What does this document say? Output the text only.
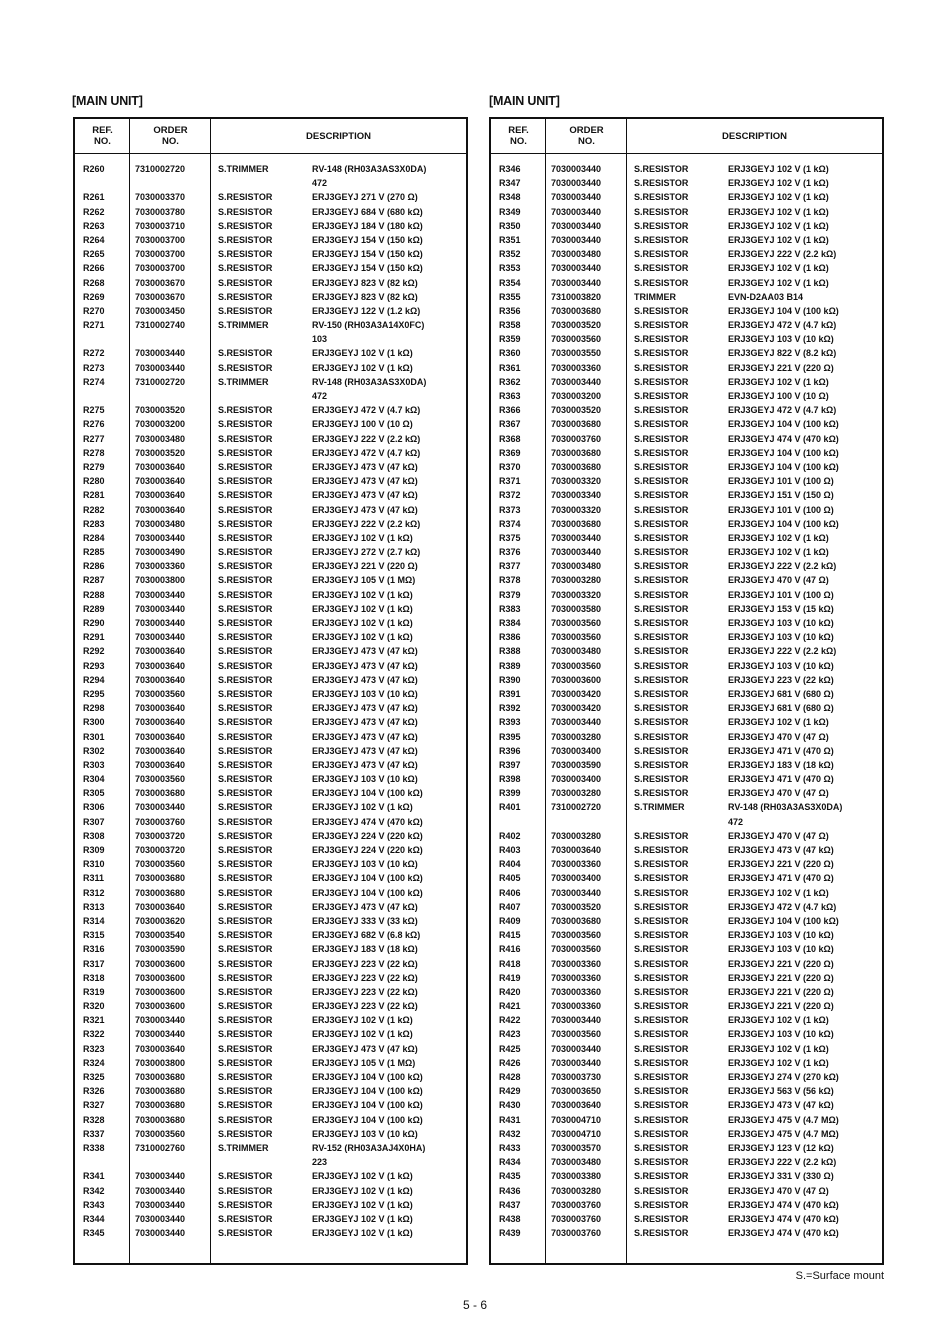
[MAIN UNIT]
REF.
NO.
ORDER
NO.	DESCRIPTION
R260	7310002720	S.TRIMMER	RV-148 (RH03A3AS3X0DA)
472
R261	7030003370	S.RESISTOR	ERJ3GEYJ 271 V (270 Ω)
R262	7030003780	S.RESISTOR	ERJ3GEYJ 684 V (680 kΩ)
R263	7030003710	S.RESISTOR	ERJ3GEYJ 184 V (180 kΩ)
R264	7030003700	S.RESISTOR	ERJ3GEYJ 154 V (150 kΩ)
R265	7030003700	S.RESISTOR	ERJ3GEYJ 154 V (150 kΩ)
R266	7030003700	S.RESISTOR	ERJ3GEYJ 154 V (150 kΩ)
R268	7030003670	S.RESISTOR	ERJ3GEYJ 823 V (82 kΩ)
R269	7030003670	S.RESISTOR	ERJ3GEYJ 823 V (82 kΩ)
R270	7030003450	S.RESISTOR	ERJ3GEYJ 122 V (1.2 kΩ)
R271	7310002740	S.TRIMMER	RV-150 (RH03A3A14X0FC)
103
R272	7030003440	S.RESISTOR	ERJ3GEYJ 102 V (1 kΩ)
R273	7030003440	S.RESISTOR	ERJ3GEYJ 102 V (1 kΩ)
R274	7310002720	S.TRIMMER	RV-148 (RH03A3AS3X0DA)
472
R275	7030003520	S.RESISTOR	ERJ3GEYJ 472 V (4.7 kΩ)
R276	7030003200	S.RESISTOR	ERJ3GEYJ 100 V (10 Ω)
R277	7030003480	S.RESISTOR	ERJ3GEYJ 222 V (2.2 kΩ)
R278	7030003520	S.RESISTOR	ERJ3GEYJ 472 V (4.7 kΩ)
R279	7030003640	S.RESISTOR	ERJ3GEYJ 473 V (47 kΩ)
R280	7030003640	S.RESISTOR	ERJ3GEYJ 473 V (47 kΩ)
R281	7030003640	S.RESISTOR	ERJ3GEYJ 473 V (47 kΩ)
R282	7030003640	S.RESISTOR	ERJ3GEYJ 473 V (47 kΩ)
R283	7030003480	S.RESISTOR	ERJ3GEYJ 222 V (2.2 kΩ)
R284	7030003440	S.RESISTOR	ERJ3GEYJ 102 V (1 kΩ)
R285	7030003490	S.RESISTOR	ERJ3GEYJ 272 V (2.7 kΩ)
R286	7030003360	S.RESISTOR	ERJ3GEYJ 221 V (220 Ω)
R287	7030003800	S.RESISTOR	ERJ3GEYJ 105 V (1 MΩ)
R288	7030003440	S.RESISTOR	ERJ3GEYJ 102 V (1 kΩ)
R289	7030003440	S.RESISTOR	ERJ3GEYJ 102 V (1 kΩ)
R290	7030003440	S.RESISTOR	ERJ3GEYJ 102 V (1 kΩ)
R291	7030003440	S.RESISTOR	ERJ3GEYJ 102 V (1 kΩ)
R292	7030003640	S.RESISTOR	ERJ3GEYJ 473 V (47 kΩ)
R293	7030003640	S.RESISTOR	ERJ3GEYJ 473 V (47 kΩ)
R294	7030003640	S.RESISTOR	ERJ3GEYJ 473 V (47 kΩ)
R295	7030003560	S.RESISTOR	ERJ3GEYJ 103 V (10 kΩ)
R298	7030003640	S.RESISTOR	ERJ3GEYJ 473 V (47 kΩ)
R300	7030003640	S.RESISTOR	ERJ3GEYJ 473 V (47 kΩ)
R301	7030003640	S.RESISTOR	ERJ3GEYJ 473 V (47 kΩ)
R302	7030003640	S.RESISTOR	ERJ3GEYJ 473 V (47 kΩ)
R303	7030003640	S.RESISTOR	ERJ3GEYJ 473 V (47 kΩ)
R304	7030003560	S.RESISTOR	ERJ3GEYJ 103 V (10 kΩ)
R305	7030003680	S.RESISTOR	ERJ3GEYJ 104 V (100 kΩ)
R306	7030003440	S.RESISTOR	ERJ3GEYJ 102 V (1 kΩ)
R307	7030003760	S.RESISTOR	ERJ3GEYJ 474 V (470 kΩ)
R308	7030003720	S.RESISTOR	ERJ3GEYJ 224 V (220 kΩ)
R309	7030003720	S.RESISTOR	ERJ3GEYJ 224 V (220 kΩ)
R310	7030003560	S.RESISTOR	ERJ3GEYJ 103 V (10 kΩ)
R311	7030003680	S.RESISTOR	ERJ3GEYJ 104 V (100 kΩ)
R312	7030003680	S.RESISTOR	ERJ3GEYJ 104 V (100 kΩ)
R313	7030003640	S.RESISTOR	ERJ3GEYJ 473 V (47 kΩ)
R314	7030003620	S.RESISTOR	ERJ3GEYJ 333 V (33 kΩ)
R315	7030003540	S.RESISTOR	ERJ3GEYJ 682 V (6.8 kΩ)
R316	7030003590	S.RESISTOR	ERJ3GEYJ 183 V (18 kΩ)
R317	7030003600	S.RESISTOR	ERJ3GEYJ 223 V (22 kΩ)
R318	7030003600	S.RESISTOR	ERJ3GEYJ 223 V (22 kΩ)
R319	7030003600	S.RESISTOR	ERJ3GEYJ 223 V (22 kΩ)
R320	7030003600	S.RESISTOR	ERJ3GEYJ 223 V (22 kΩ)
R321	7030003440	S.RESISTOR	ERJ3GEYJ 102 V (1 kΩ)
R322	7030003440	S.RESISTOR	ERJ3GEYJ 102 V (1 kΩ)
R323	7030003640	S.RESISTOR	ERJ3GEYJ 473 V (47 kΩ)
R324	7030003800	S.RESISTOR	ERJ3GEYJ 105 V (1 MΩ)
R325	7030003680	S.RESISTOR	ERJ3GEYJ 104 V (100 kΩ)
R326	7030003680	S.RESISTOR	ERJ3GEYJ 104 V (100 kΩ)
R327	7030003680	S.RESISTOR	ERJ3GEYJ 104 V (100 kΩ)
R328	7030003680	S.RESISTOR	ERJ3GEYJ 104 V (100 kΩ)
R337	7030003560	S.RESISTOR	ERJ3GEYJ 103 V (10 kΩ)
R338	7310002760	S.TRIMMER	RV-152 (RH03A3AJ4X0HA)
223
R341	7030003440	S.RESISTOR	ERJ3GEYJ 102 V (1 kΩ)
R342	7030003440	S.RESISTOR	ERJ3GEYJ 102 V (1 kΩ)
R343	7030003440	S.RESISTOR	ERJ3GEYJ 102 V (1 kΩ)
R344	7030003440	S.RESISTOR	ERJ3GEYJ 102 V (1 kΩ)
R345	7030003440	S.RESISTOR	ERJ3GEYJ 102 V (1 kΩ)
[MAIN UNIT]
REF.
NO.
ORDER
NO.	DESCRIPTION
R346	7030003440	S.RESISTOR	ERJ3GEYJ 102 V (1 kΩ)
R347	7030003440	S.RESISTOR	ERJ3GEYJ 102 V (1 kΩ)
R348	7030003440	S.RESISTOR	ERJ3GEYJ 102 V (1 kΩ)
R349	7030003440	S.RESISTOR	ERJ3GEYJ 102 V (1 kΩ)
R350	7030003440	S.RESISTOR	ERJ3GEYJ 102 V (1 kΩ)
R351	7030003440	S.RESISTOR	ERJ3GEYJ 102 V (1 kΩ)
R352	7030003480	S.RESISTOR	ERJ3GEYJ 222 V (2.2 kΩ)
R353	7030003440	S.RESISTOR	ERJ3GEYJ 102 V (1 kΩ)
R354	7030003440	S.RESISTOR	ERJ3GEYJ 102 V (1 kΩ)
R355	7310003820	TRIMMER	EVN-D2AA03 B14
R356	7030003680	S.RESISTOR	ERJ3GEYJ 104 V (100 kΩ)
R358	7030003520	S.RESISTOR	ERJ3GEYJ 472 V (4.7 kΩ)
R359	7030003560	S.RESISTOR	ERJ3GEYJ 103 V (10 kΩ)
R360	7030003550	S.RESISTOR	ERJ3GEYJ 822 V (8.2 kΩ)
R361	7030003360	S.RESISTOR	ERJ3GEYJ 221 V (220 Ω)
R362	7030003440	S.RESISTOR	ERJ3GEYJ 102 V (1 kΩ)
R363	7030003200	S.RESISTOR	ERJ3GEYJ 100 V (10 Ω)
R366	7030003520	S.RESISTOR	ERJ3GEYJ 472 V (4.7 kΩ)
R367	7030003680	S.RESISTOR	ERJ3GEYJ 104 V (100 kΩ)
R368	7030003760	S.RESISTOR	ERJ3GEYJ 474 V (470 kΩ)
R369	7030003680	S.RESISTOR	ERJ3GEYJ 104 V (100 kΩ)
R370	7030003680	S.RESISTOR	ERJ3GEYJ 104 V (100 kΩ)
R371	7030003320	S.RESISTOR	ERJ3GEYJ 101 V (100 Ω)
R372	7030003340	S.RESISTOR	ERJ3GEYJ 151 V (150 Ω)
R373	7030003320	S.RESISTOR	ERJ3GEYJ 101 V (100 Ω)
R374	7030003680	S.RESISTOR	ERJ3GEYJ 104 V (100 kΩ)
R375	7030003440	S.RESISTOR	ERJ3GEYJ 102 V (1 kΩ)
R376	7030003440	S.RESISTOR	ERJ3GEYJ 102 V (1 kΩ)
R377	7030003480	S.RESISTOR	ERJ3GEYJ 222 V (2.2 kΩ)
R378	7030003280	S.RESISTOR	ERJ3GEYJ 470 V (47 Ω)
R379	7030003320	S.RESISTOR	ERJ3GEYJ 101 V (100 Ω)
R383	7030003580	S.RESISTOR	ERJ3GEYJ 153 V (15 kΩ)
R384	7030003560	S.RESISTOR	ERJ3GEYJ 103 V (10 kΩ)
R386	7030003560	S.RESISTOR	ERJ3GEYJ 103 V (10 kΩ)
R388	7030003480	S.RESISTOR	ERJ3GEYJ 222 V (2.2 kΩ)
R389	7030003560	S.RESISTOR	ERJ3GEYJ 103 V (10 kΩ)
R390	7030003600	S.RESISTOR	ERJ3GEYJ 223 V (22 kΩ)
R391	7030003420	S.RESISTOR	ERJ3GEYJ 681 V (680 Ω)
R392	7030003420	S.RESISTOR	ERJ3GEYJ 681 V (680 Ω)
R393	7030003440	S.RESISTOR	ERJ3GEYJ 102 V (1 kΩ)
R395	7030003280	S.RESISTOR	ERJ3GEYJ 470 V (47 Ω)
R396	7030003400	S.RESISTOR	ERJ3GEYJ 471 V (470 Ω)
R397	7030003590	S.RESISTOR	ERJ3GEYJ 183 V (18 kΩ)
R398	7030003400	S.RESISTOR	ERJ3GEYJ 471 V (470 Ω)
R399	7030003280	S.RESISTOR	ERJ3GEYJ 470 V (47 Ω)
R401	7310002720	S.TRIMMER	RV-148 (RH03A3AS3X0DA)
472
R402	7030003280	S.RESISTOR	ERJ3GEYJ 470 V (47 Ω)
R403	7030003640	S.RESISTOR	ERJ3GEYJ 473 V (47 kΩ)
R404	7030003360	S.RESISTOR	ERJ3GEYJ 221 V (220 Ω)
R405	7030003400	S.RESISTOR	ERJ3GEYJ 471 V (470 Ω)
R406	7030003440	S.RESISTOR	ERJ3GEYJ 102 V (1 kΩ)
R407	7030003520	S.RESISTOR	ERJ3GEYJ 472 V (4.7 kΩ)
R409	7030003680	S.RESISTOR	ERJ3GEYJ 104 V (100 kΩ)
R415	7030003560	S.RESISTOR	ERJ3GEYJ 103 V (10 kΩ)
R416	7030003560	S.RESISTOR	ERJ3GEYJ 103 V (10 kΩ)
R418	7030003360	S.RESISTOR	ERJ3GEYJ 221 V (220 Ω)
R419	7030003360	S.RESISTOR	ERJ3GEYJ 221 V (220 Ω)
R420	7030003360	S.RESISTOR	ERJ3GEYJ 221 V (220 Ω)
R421	7030003360	S.RESISTOR	ERJ3GEYJ 221 V (220 Ω)
R422	7030003440	S.RESISTOR	ERJ3GEYJ 102 V (1 kΩ)
R423	7030003560	S.RESISTOR	ERJ3GEYJ 103 V (10 kΩ)
R425	7030003440	S.RESISTOR	ERJ3GEYJ 102 V (1 kΩ)
R426	7030003440	S.RESISTOR	ERJ3GEYJ 102 V (1 kΩ)
R428	7030003730	S.RESISTOR	ERJ3GEYJ 274 V (270 kΩ)
R429	7030003650	S.RESISTOR	ERJ3GEYJ 563 V (56 kΩ)
R430	7030003640	S.RESISTOR	ERJ3GEYJ 473 V (47 kΩ)
R431	7030004710	S.RESISTOR	ERJ3GEYJ 475 V (4.7 MΩ)
R432	7030004710	S.RESISTOR	ERJ3GEYJ 475 V (4.7 MΩ)
R433	7030003570	S.RESISTOR	ERJ3GEYJ 123 V (12 kΩ)
R434	7030003480	S.RESISTOR	ERJ3GEYJ 222 V (2.2 kΩ)
R435	7030003380	S.RESISTOR	ERJ3GEYJ 331 V (330 Ω)
R436	7030003280	S.RESISTOR	ERJ3GEYJ 470 V (47 Ω)
R437	7030003760	S.RESISTOR	ERJ3GEYJ 474 V (470 kΩ)
R438	7030003760	S.RESISTOR	ERJ3GEYJ 474 V (470 kΩ)
R439	7030003760	S.RESISTOR	ERJ3GEYJ 474 V (470 kΩ)
S.=Surface mount
5 - 6
